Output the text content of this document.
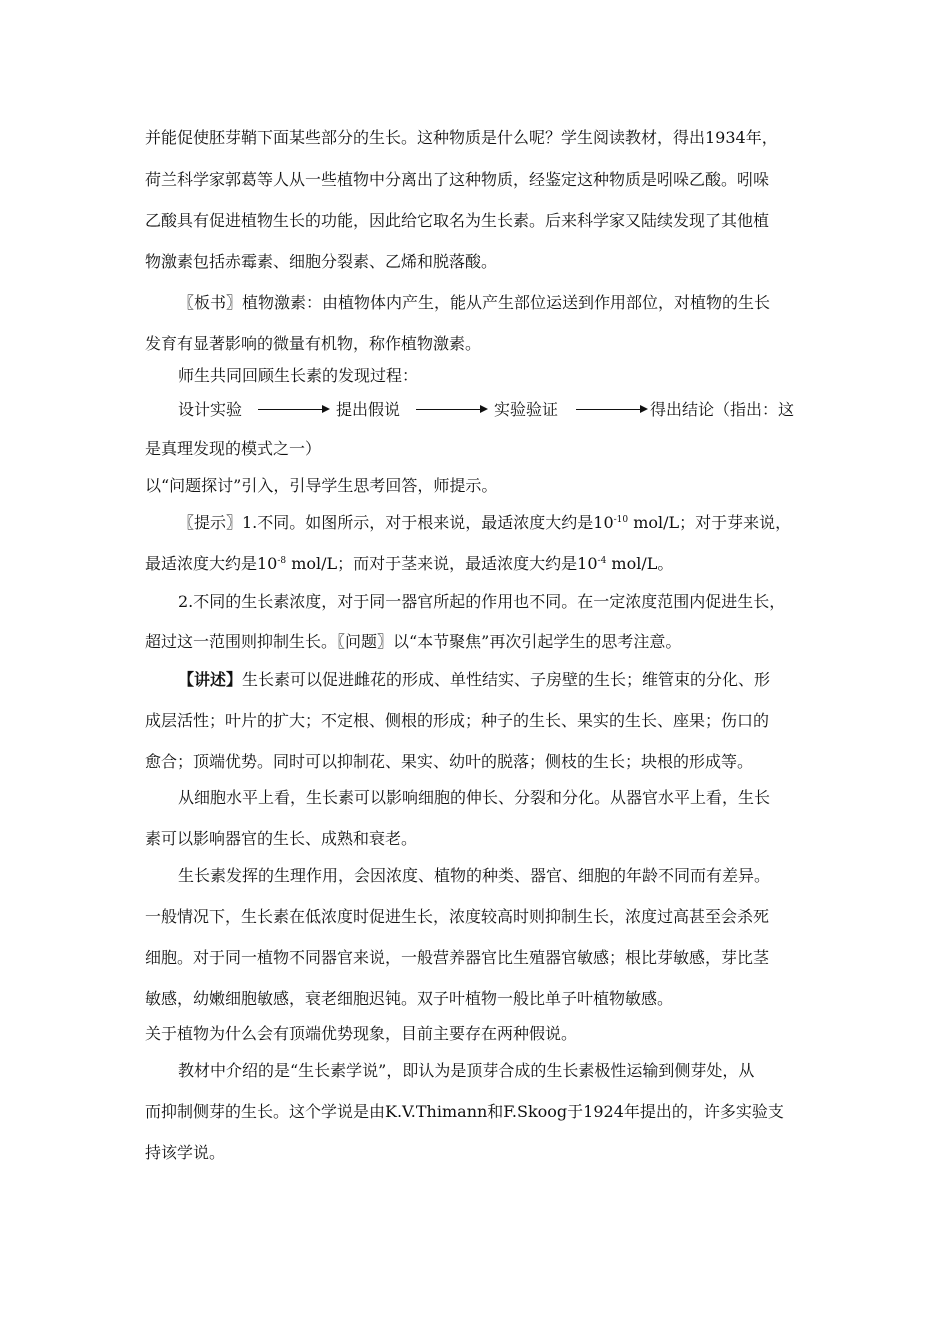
并能促使胚芽鞘下面某些部分的生长。这种物质是什么呢？学生阅读教材，得出1934年，
荷兰科学家郭葛等人从一些植物中分离出了这种物质，经鉴定这种物质是吲哚乙酸。吲哚
乙酸具有促进植物生长的功能，因此给它取名为生长素。后来科学家又陆续发现了其他植
物激素包括赤霉素、细胞分裂素、乙烯和脱落酸。
〖板书〗植物激素：由植物体内产生，能从产生部位运送到作用部位，对植物的生长
发育有显著影响的微量有机物，称作植物激素。
师生共同回顾生长素的发现过程：
设计实验	提出假说	实验验证	得出结论（指出：这
是真理发现的模式之一）
以“问题探讨”引入，引导学生思考回答，师提示。
〖提示〗1.不同。如图所示，对于根来说，最适浓度大约是$10^{-10}$ mol/L；对于芽来说，
最适浓度大约是$10^{-8}$ mol/L；而对于茎来说，最适浓度大约是$10^{-4}$ mol/L。
2.不同的生长素浓度，对于同一器官所起的作用也不同。在一定浓度范围内促进生长，
超过这一范围则抑制生长。〖问题〗以“本节聚焦”再次引起学生的思考注意。
【讲述】生长素可以促进雌花的形成、单性结实、子房壁的生长；维管束的分化、形
成层活性；叶片的扩大；不定根、侧根的形成；种子的生长、果实的生长、座果；伤口的
愈合；顶端优势。同时可以抑制花、果实、幼叶的脱落；侧枝的生长；块根的形成等。
从细胞水平上看，生长素可以影响细胞的伸长、分裂和分化。从器官水平上看，生长
素可以影响器官的生长、成熟和衰老。
生长素发挥的生理作用，会因浓度、植物的种类、器官、细胞的年龄不同而有差异。
一般情况下，生长素在低浓度时促进生长，浓度较高时则抑制生长，浓度过高甚至会杀死
细胞。对于同一植物不同器官来说，一般营养器官比生殖器官敏感；根比芽敏感，芽比茎
敏感，幼嫩细胞敏感，衰老细胞迟钝。双子叶植物一般比单子叶植物敏感。
关于植物为什么会有顶端优势现象，目前主要存在两种假说。
教材中介绍的是“生长素学说”，即认为是顶芽合成的生长素极性运输到侧芽处，从
而抑制侧芽的生长。这个学说是由K.V.Thimann和F.Skoog于1924年提出的，许多实验支
持该学说。
